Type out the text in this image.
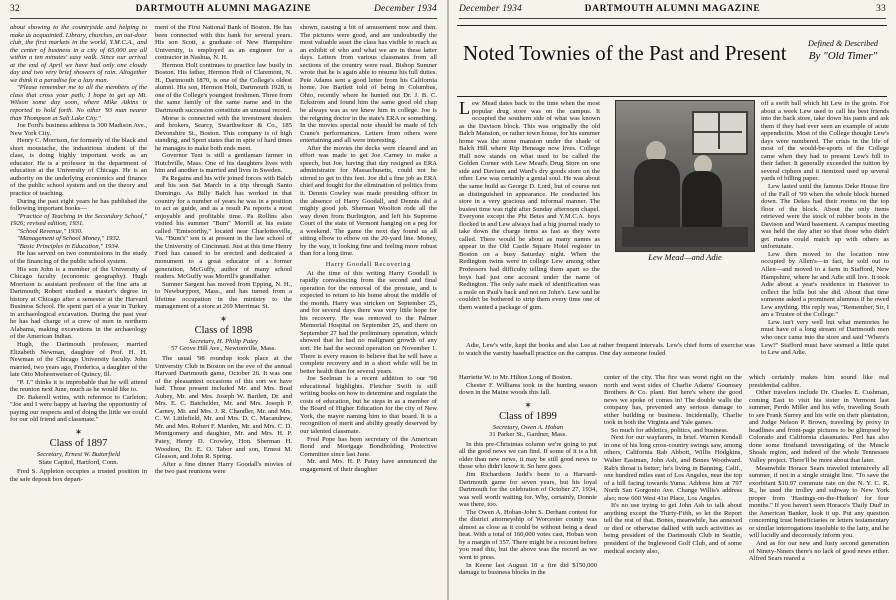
32	DARTMOUTH ALUMNI MAGAZINE	December 1934

about showing to the countryside and helping to make us acquainted. Library, churches, an out-door club, the first markets in the world, Y.M.C.A., and the center of business in a city of 65,000 are all within a ten minutes' easy walk. Since our arrival at the end of April we have had only one cloudy day and two very brief showers of rain. Altogether we think it a paradise for a lazy man.

"Please remember me to all the members of the class that cross your path; I hope to get up Mt. Wilson some day soon, where Mike Atkins is reported to hold forth. No other '93 man nearer than Thompson at Salt Lake City."

Joe Ford's business address is 300 Madison Ave., New York City.

Henry C. Morrison, for formerly of the black and short moustache, the industrious student of the class, is doing highly important work as an educator. He is a professor in the department of education at the University of Chicago. He is an authority on the underlying economics and finance of the public school system and on the theory and practice of teaching.

During the past eight years he has published the following important books—

"Practice of Teaching in the Secondary School," 1926; revised edition, 1931.

"School Revenue," 1930.

"Management of School Money," 1932.

"Basic Principles in Education," 1934.

He has served on two commissions in the study of the financing of the public school system.

His son John is a member of the University of Chicago faculty (economic geography). Hugh Morrison is assistant professor of the fine arts at Dartmouth; Robert studied a master's degree in history at Chicago after a semester at the Harvard Business School. He spent part of a year in Turkey in archaeological excavation. During the past year he has had charge of a crew of men in northern Alabama, making excavations in the archaeology of the American Indian.

Hugh, the Dartmouth professor, married Elizabeth Newman, daughter of Prof. H. H. Newman of the Chicago University faculty. John married, two years ago, Frederica, a daughter of the late Otto Mohrenweiser of Quincy, Ill.

"P. I." thinks it is improbable that he will attend the reunion next June, much as he would like to.

Dr. Bakerell writes, with reference to Carleton: "Joe and I were happy at having the opportunity of paying our respects and of doing the little we could for our old friend and classmate."

✶
Class of 1897
Secretary, Ernest W. Butterfield
State Capitol, Hartford, Conn.

Fred S. Appleton occupies a trusted position in the safe deposit box depart-

ment of the First National Bank of Boston. He has been connected with this bank for several years. His son Scott, a graduate of New Hampshire University, is employed as an engineer for a contractor in Nashua, N. H.

Hermon Holt continues to practice law busily in Boston. His father, Hermon Holt of Claremont, N. H., Dartmouth 1870, is one of the College's oldest alumni. His son, Hermon Holt, Dartmouth 1928, is one of the College's youngest freshmen. Three from the same family of the same name and in the Dartmouth succession constitute an unusual record.

Morse is connected with the investment dealers and brokers, Searcy, Swarthwitzer & Co., 185 Devonshire St., Boston. This company is of high standing, and Sport states that in spite of hard times he manages to make both ends meet.

Governor Tent is still a gentleman farmer in Hutchville, Mass. One of his daughters lives with him and another is married and lives in Sweden.

Pa Regains and his wife joined forces with Balch and his son Sat March in a trip through Santo Domingo. As Billy Balch has worked in that country for a number of years he was in a position to act as guide, and as a result Pa reports a most enjoyable and profitable time. Pa Rollins also visited his summer "Bum" Morrill at his estate called "Emiscorthy," located near Charlottesville, Va. "Bum's" son is at present in the law school of the University of Cincinnati. Just at this time Henry Ford has caused to be erected and dedicated a monument to a great educator of a former generation, McGuffy, author of many school readers. McGuffy was Morrill's grandfather.

Sumner Sargent has moved from Epping, N. H., to Newburyport, Mass., and has turned from a lifetime occupation in the ministry to the management of a store at 269 Merrimac St.

✶
Class of 1898
Secretary, H. Philip Patey
57 Grove Hill Ave., Newtonville, Mass.

The usual '98 roundup took place at the University Club in Boston on the eve of the annual Harvard Dartmouth game, October 26. It was one of the pleasantest occasions of this sort we have had. Those present included Mr. and Mrs. Brad Aubey, Mr. and Mrs. Joseph W. Bartlett, Dr. and Mrs. E. C. Batchelder, Mr. and Mrs. Joseph P. Carney, Mr. and Mrs. J. R. Chandler, Mr. and Mrs. C. W. Littlefield, Mr. and Mrs. D. C. Macandrew, Mr. and Mrs. Robert F. Marden, Mr. and Mrs. C. D. Montgomery and daughter, Mr. and Mrs. H. P. Patey, Henry D. Crowley, Hon. Sherman H. Woodton, Dr. E. O. Tabor and son, Ernest M. Gleason, and John R. Spring.

After a fine dinner Harry Goodall's movies of the two past reunions were

shown, causing a bit of amusement now and then. The pictures were good, and are undoubtedly the most valuable asset the class has visible to reach as an exhibit of who and what we are in these latter days. Letters from various classmates from all sections of the country were read. Bishop Sumner wrote that he is again able to resume his full duties. Pete Adams sent a good letter from his California home. Joe Bartlett told of being in Columbus, Ohio, recently where he hunted out Dr. J. B. C. Eckstrom and found him the same good old chap he always was as we knew him in college. Joe is the reigning doctor in the state's ERA or something. In the movies special note should be made of Ich Crane's performances. Letters from others were entertaining and all were interesting.

After the movies the decks were cleared and an effort was made to get Joe Carney to make a speech, but Joe, having that day resigned as ERA administrator for Massachusetts, could not be stirred to get to this feet. Joe did a fine job as ERA chief and fought for the elimination of politics from it. Dennis Cowley was made presiding officer in the absence of Harry Goodall, and Dennis did a mighty good job. Sherman Woolton rode all the way down from Burlington, and left his Supreme Court of the state of Vermont hanging on a peg for a weekend. The game the next day found us all sitting elbow to elbow on the 20-yard line. Money, by the way, it looking fine and feeling more robust than for a long time.

Harry Goodall Recovering

At the time of this writing Harry Goodall is rapidly convalescing from the second and final operation for the removal of the prostate, and is expected to return to his home about the middle of the month. Harry was stricken on September 25, and for several days there was very little hope for his recovery. He was removed to the Palmer Memorial Hospital on September 25, and there on September 27 had the preliminary operation, which showed that he had no malignant growth of any sort. He had the second operation on November 1. There is every reason to believe that he will have a complete recovery and in a short while will be in better health than for several years.

Joe Seelman is a recent addition to our '98 educational highlights. Fletcher Swift is still writing books on how to determine and regulate the costs of education, but he steps in as a member of the Board of Higher Education for the city of New York, the mayor naming him to that board. It is a recognition of merit and ability greatly deserved by our talented classmate.

Fred Pope has been secretary of the American Bond and Mortgage Bondholding Protective Committee since last June.

Mr. and Mrs. H. P. Patey have announced the engagement of their daughter

December 1934	DARTMOUTH ALUMNI MAGAZINE	33
Noted Townies of the Past and Present	Defined & Described
By "Old Timer"

Lew Mead dates back to the time when the most popular drug store was on the campus. It occupied the southern side of what was known as the Davison block. This was originally the old Balch Mansion, or rather town house, for his summer home was the stone mansion under the shade of Balch Hill where Rip Heneage now lives. College Hall now stands on what used to be called the Golden Corner with Lew Mead's Drug Store on one side and Davison and Ward's dry goods store on the other. Lew was certainly a genial soul. He was about the same build as George D. Lord, but of course not as distinguished in appearance. He conducted his store in a very gracious and informal manner. The busiest time was right after Sunday afternoon chapel. Everyone except the Phi Betes and Y.M.C.A. boys flocked in and Lew always had a big journal ready to take down the charge items as fast as they were called. There would be about as many names as appear in the Old Castle Square Hotel register in Boston on a busy Saturday night. When the Redington twins were in college Lew among other Professors had difficulty telling them apart so the boys had just one account under the name of Redington. The only safe mark of identification was a mole on Paul's back and not on John's. Lew said he couldn't be bothered to strip them every time one of them wanted a package of gum.

Lew Mead—and Adie

Adie, Lew's wife, kept the books and also Lee at rather frequent intervals. Lew's chief form of exercise was to watch the varsity baseball practice on the campus. One day someone fouled

off a swift ball which hit Lew in the groin. For about a week Lew used to call his best friends into the back store, take down his pants and ask them if they had ever seen an example of acute appendicitis. Most of the College thought Lew's days were numbered. The crisis in the life of most of the would-be-sports of the College came when they had to present Lew's bill to their father. It generally exceeded the tuition by several ciphers and it itemized used up several yards of billing paper.

Lew lasted until the famous Deke House fire of the Fall of '99 when the whole block burned down. The Dekes had their rooms on the top floor of the block. About the only items retrieved were the stock of rubber boots in the Davison and Ward basement. A campus meeting was held the day after so that those who didn't get mates could match up with others as unfortunate.

Lew then moved to the location now occupied by Allen's—in fact, he sold out to Allen—and moved to a farm in Stafford, New Hampshire, where he and Adie still live. It took Adie about a year's residence in Hanover to collect the bills but she did. About that time someone asked a prominent alumnus if he owed Lew anything. His reply was, "Remember, Sir, I am a Trustee of the College."

Lew isn't very well but what memories he must have of a long stream of Dartmouth men who once came into the store and said "Where's Lew?" Stafford must have seemed a little quiet to Lew and Adie.

Harriette W. to Mr. Hilton Long of Boston.

Chester F. Williams took in the hunting season down in the Maine woods this fall.

✶
Class of 1899
Secretary, Owen A. Hoban
31 Parker St., Gardner, Mass.

In this pre-Christmas column we're going to put all the good news we can find. If some of it is a bit older than new news, it may be still good news to those who didn't know it. So here goes.

Jim Richardson Judd's been to a Harvard-Dartmouth game for seven years, but his loyal Dartmouth for the celebration of October 27, 1934, was well worth waiting for. Why, certainly, Donnie was there, too.

The Owen A. Hoban-John S. Derham contest for the district attorneyship of Worcester county was almost as close as it could be without being a dead heat. With a total of 160,000 votes cast, Hoban won by a margin of 357. There might be a recount before you read this, but the above was the record as we went to press.

In Keene last August 18 a fire did $150,000 damage to business blocks in the

center of the city. The fire was worst right on the north and west sides of Charlie Adams' Goumsey Brothers & Co. plant. But here's where the good news we spoke of comes in! The double walls the company has, prevented any serious damage to either building or business. Incidentally, Charlie took in both the Virginia and Yale games.

So much for athletics, politics, and business.

Next for our wayfarers, in brief. Warren Kendall in one of his long cross-country swings saw, among others, California Rab Abbott, Willis Hodgkins, Walter Eastman, John Ash, and Bones Woodward. Rab's throat is better; he's living in Banning, Calif., one hundred miles east of Los Angeles, near the top of a hill facing towards Yuma. Address him at 797 North San Gorgonio Ave. Change Willis's address also; now 600 West 41st Place, Los Angeles.

It's no use trying to get John Ash to talk about anything except the Thirty-Fifth, so let the Report tell the rest of that. Bones, meanwhile, has annexed or died or otherwise dallied with such activities as being president of the Dartmouth Club in Seattle, president of the Inglewood Golf Club, and of some medical society also,

which certainly makes him sound like real presidential calibre.

Other travelers include Dr. Charles E. Cushman, coming East to visit his sister in Vermont last summer, Perdo Miller and his wife, traveling South to see Frank Surrey and his wife on their plantation, and Judge Nelson P. Brown, traveling by proxy in headlines and front-page pictures to be glimpsed by Colorado and California classmates. Perl has also done some firsthand investigating of the Muscle Shoals region, and indeed of the whole Tennessee Valley project. There'll be more about that later.

Meanwhile Horace Sears traveled intensively all summer, if not in a single straight line. "To save the exorbitant $10.97 commute rate on the N. Y. C. R. R., he used the trolley and subway to New York proper from 'Hastings-on-the-Hudson' for four months." If you haven't seen Horace's 'Daily Dud' in the American Banker, look it up. Put any question concerning trust beneficiaries or letters testamentary or similar interrogations insoluble to the laity, and he will lucidly and decorously inform you.

And as for our new and lusty second generation of Ninety-Niners there's no lack of good news either. Alfred Sears reared a
